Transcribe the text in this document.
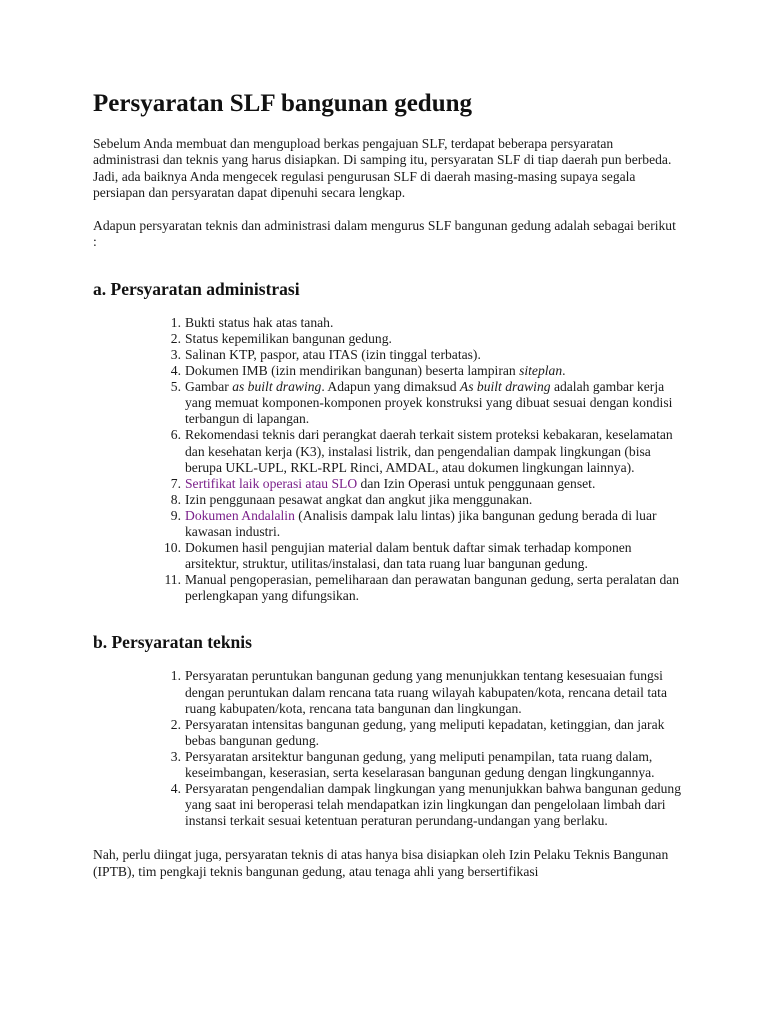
Persyaratan SLF bangunan gedung

Sebelum Anda membuat dan mengupload berkas pengajuan SLF, terdapat beberapa persyaratan administrasi dan teknis yang harus disiapkan. Di samping itu, persyaratan SLF di tiap daerah pun berbeda. Jadi, ada baiknya Anda mengecek regulasi pengurusan SLF di daerah masing-masing supaya segala persiapan dan persyaratan dapat dipenuhi secara lengkap.

Adapun persyaratan teknis dan administrasi dalam mengurus SLF bangunan gedung adalah sebagai berikut :

a. Persyaratan administrasi
1. Bukti status hak atas tanah.
2. Status kepemilikan bangunan gedung.
3. Salinan KTP, paspor, atau ITAS (izin tinggal terbatas).
4. Dokumen IMB (izin mendirikan bangunan) beserta lampiran siteplan.
5. Gambar as built drawing. Adapun yang dimaksud As built drawing adalah gambar kerja yang memuat komponen-komponen proyek konstruksi yang dibuat sesuai dengan kondisi terbangun di lapangan.
6. Rekomendasi teknis dari perangkat daerah terkait sistem proteksi kebakaran, keselamatan dan kesehatan kerja (K3), instalasi listrik, dan pengendalian dampak lingkungan (bisa berupa UKL-UPL, RKL-RPL Rinci, AMDAL, atau dokumen lingkungan lainnya).
7. Sertifikat laik operasi atau SLO dan Izin Operasi untuk penggunaan genset.
8. Izin penggunaan pesawat angkat dan angkut jika menggunakan.
9. Dokumen Andalalin (Analisis dampak lalu lintas) jika bangunan gedung berada di luar kawasan industri.
10. Dokumen hasil pengujian material dalam bentuk daftar simak terhadap komponen arsitektur, struktur, utilitas/instalasi, dan tata ruang luar bangunan gedung.
11. Manual pengoperasian, pemeliharaan dan perawatan bangunan gedung, serta peralatan dan perlengkapan yang difungsikan.
b. Persyaratan teknis
1. Persyaratan peruntukan bangunan gedung yang menunjukkan tentang kesesuaian fungsi dengan peruntukan dalam rencana tata ruang wilayah kabupaten/kota, rencana detail tata ruang kabupaten/kota, rencana tata bangunan dan lingkungan.
2. Persyaratan intensitas bangunan gedung, yang meliputi kepadatan, ketinggian, dan jarak bebas bangunan gedung.
3. Persyaratan arsitektur bangunan gedung, yang meliputi penampilan, tata ruang dalam, keseimbangan, keserasian, serta keselarasan bangunan gedung dengan lingkungannya.
4. Persyaratan pengendalian dampak lingkungan yang menunjukkan bahwa bangunan gedung yang saat ini beroperasi telah mendapatkan izin lingkungan dan pengelolaan limbah dari instansi terkait sesuai ketentuan peraturan perundang-undangan yang berlaku.

Nah, perlu diingat juga, persyaratan teknis di atas hanya bisa disiapkan oleh Izin Pelaku Teknis Bangunan (IPTB), tim pengkaji teknis bangunan gedung, atau tenaga ahli yang bersertifikasi
